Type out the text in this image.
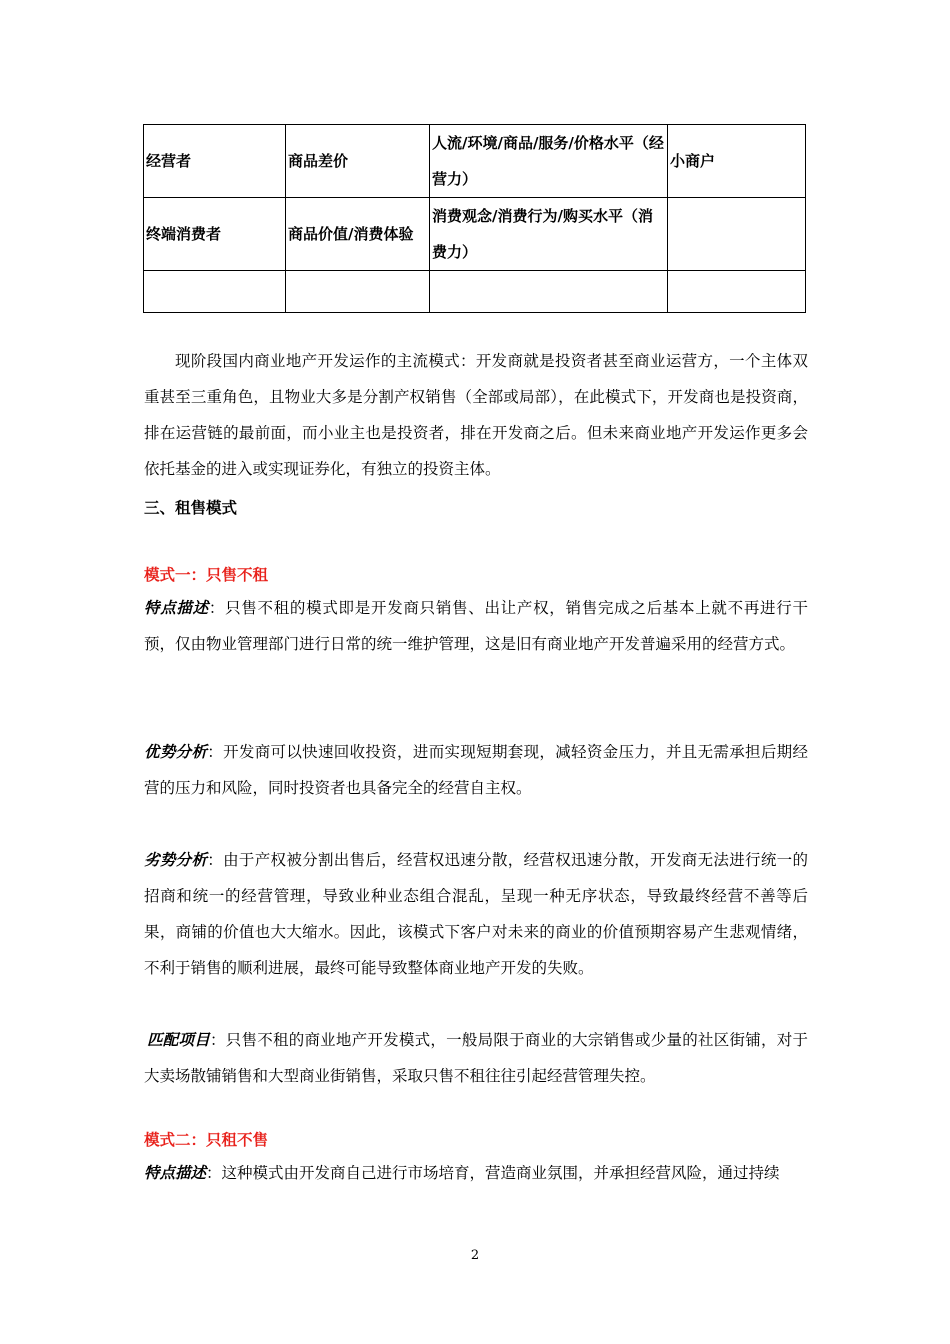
经营者	商品差价	人流/环境/商品/服务/价格水平（经营力）	小商户
终端消费者	商品价值/消费体验	消费观念/消费行为/购买水平（消费力）	

现阶段国内商业地产开发运作的主流模式：开发商就是投资者甚至商业运营方，一个主体双重甚至三重角色，且物业大多是分割产权销售（全部或局部），在此模式下，开发商也是投资商，排在运营链的最前面，而小业主也是投资者，排在开发商之后。但未来商业地产开发运作更多会依托基金的进入或实现证券化，有独立的投资主体。

三、租售模式

模式一：只售不租

特点描述：只售不租的模式即是开发商只销售、出让产权，销售完成之后基本上就不再进行干预，仅由物业管理部门进行日常的统一维护管理，这是旧有商业地产开发普遍采用的经营方式。

优势分析：开发商可以快速回收投资，进而实现短期套现，减轻资金压力，并且无需承担后期经营的压力和风险，同时投资者也具备完全的经营自主权。

劣势分析：由于产权被分割出售后，经营权迅速分散，经营权迅速分散，开发商无法进行统一的招商和统一的经营管理，导致业种业态组合混乱，呈现一种无序状态，导致最终经营不善等后果，商铺的价值也大大缩水。因此，该模式下客户对未来的商业的价值预期容易产生悲观情绪，不利于销售的顺利进展，最终可能导致整体商业地产开发的失败。

匹配项目：只售不租的商业地产开发模式，一般局限于商业的大宗销售或少量的社区街铺，对于大卖场散铺销售和大型商业街销售，采取只售不租往往引起经营管理失控。

模式二：只租不售

特点描述：这种模式由开发商自己进行市场培育，营造商业氛围，并承担经营风险，通过持续

2
